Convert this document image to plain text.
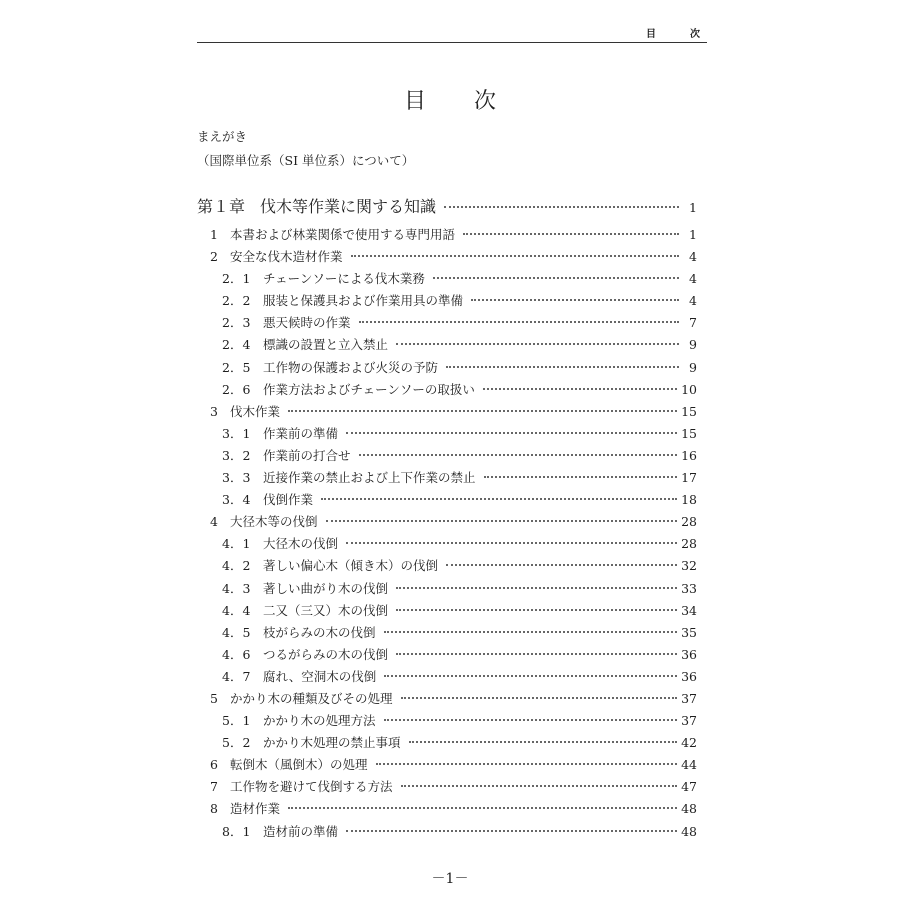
目	次
目 次
まえがき
（国際単位系（SI 単位系）について）
第１章 伐木等作業に関する知識	1
1 本書および林業関係で使用する専門用語	1
2 安全な伐木造材作業	4
2．1	チェーンソーによる伐木業務	4
2．2	服装と保護具および作業用具の準備	4
2．3	悪天候時の作業	7
2．4	標識の設置と立入禁止	9
2．5	工作物の保護および火災の予防	9
2．6	作業方法およびチェーンソーの取扱い	10
3 伐木作業	15
3．1	作業前の準備	15
3．2	作業前の打合せ	16
3．3	近接作業の禁止および上下作業の禁止	17
3．4	伐倒作業	18
4 大径木等の伐倒	28
4．1	大径木の伐倒	28
4．2	著しい偏心木（傾き木）の伐倒	32
4．3	著しい曲がり木の伐倒	33
4．4	二又（三又）木の伐倒	34
4．5	枝がらみの木の伐倒	35
4．6	つるがらみの木の伐倒	36
4．7	腐れ、空洞木の伐倒	36
5 かかり木の種類及びその処理	37
5．1	かかり木の処理方法	37
5．2	かかり木処理の禁止事項	42
6 転倒木（風倒木）の処理	44
7 工作物を避けて伐倒する方法	47
8 造材作業	48
8．1	造材前の準備	48
－1－
